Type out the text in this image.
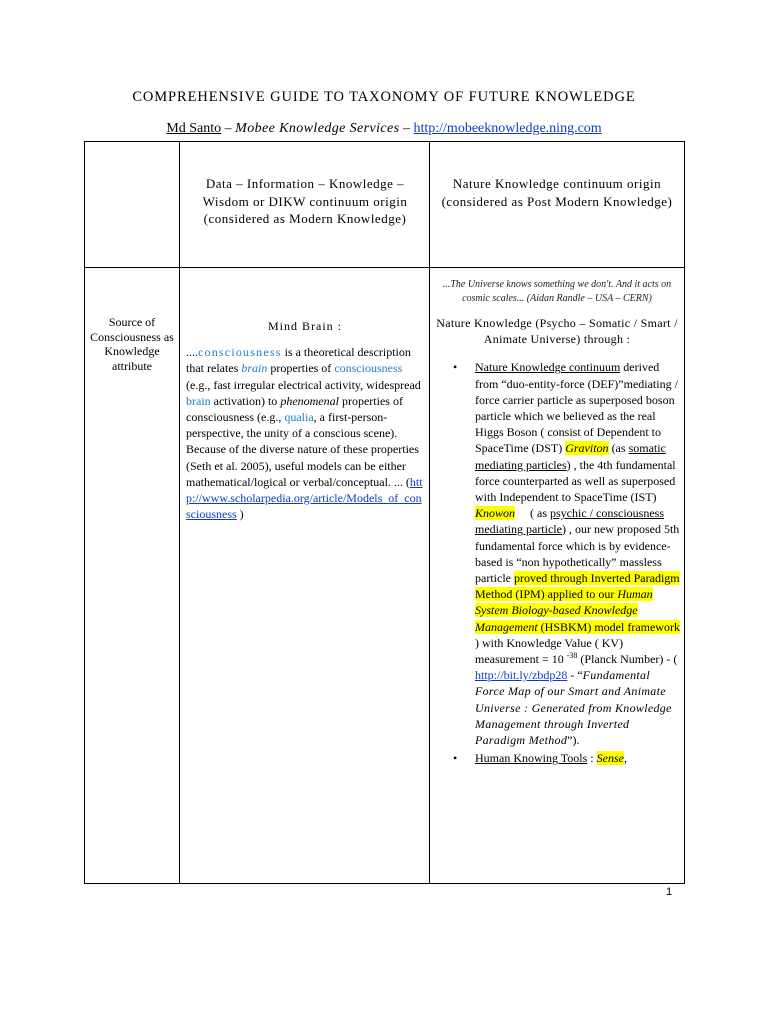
COMPREHENSIVE GUIDE TO TAXONOMY OF FUTURE KNOWLEDGE
Md Santo – Mobee Knowledge Services – http://mobeeknowledge.ning.com
Data – Information – Knowledge – Wisdom or DIKW continuum origin (considered as Modern Knowledge)
Nature Knowledge continuum origin (considered as Post Modern Knowledge)
Source of Consciousness as Knowledge attribute
Mind Brain :
....consciousness is a theoretical description that relates brain properties of consciousness (e.g., fast irregular electrical activity, widespread brain activation) to phenomenal properties of consciousness (e.g., qualia, a first-person-perspective, the unity of a conscious scene). Because of the diverse nature of these properties (Seth et al. 2005), useful models can be either mathematical/logical or verbal/conceptual. ... (http://www.scholarpedia.org/article/Models_of_consciousness )
...The Universe knows something we don't. And it acts on cosmic scales... (Aidan Randle – USA – CERN)
Nature Knowledge (Psycho – Somatic / Smart / Animate Universe) through :
• Nature Knowledge continuum derived from “duo-entity-force (DEF)”mediating / force carrier particle as superposed boson particle which we believed as the real Higgs Boson ( consist of Dependent to SpaceTime (DST) Graviton (as somatic mediating particles) , the 4th fundamental force counterparted as well as superposed with Independent to SpaceTime (IST) Knowon     ( as psychic / consciousness mediating particle) , our new proposed 5th fundamental force which is by evidence-based is “non hypothetically” massless particle proved through Inverted Paradigm Method (IPM) applied to our Human System Biology-based Knowledge Management (HSBKM) model framework ) with Knowledge Value ( KV) measurement = 10 $^{-38}$ (Planck Number) - ( http://bit.ly/zbdp28 - “Fundamental Force Map of our Smart and Animate Universe : Generated from Knowledge Management through Inverted Paradigm Method”).
• Human Knowing Tools : Sense,
1
